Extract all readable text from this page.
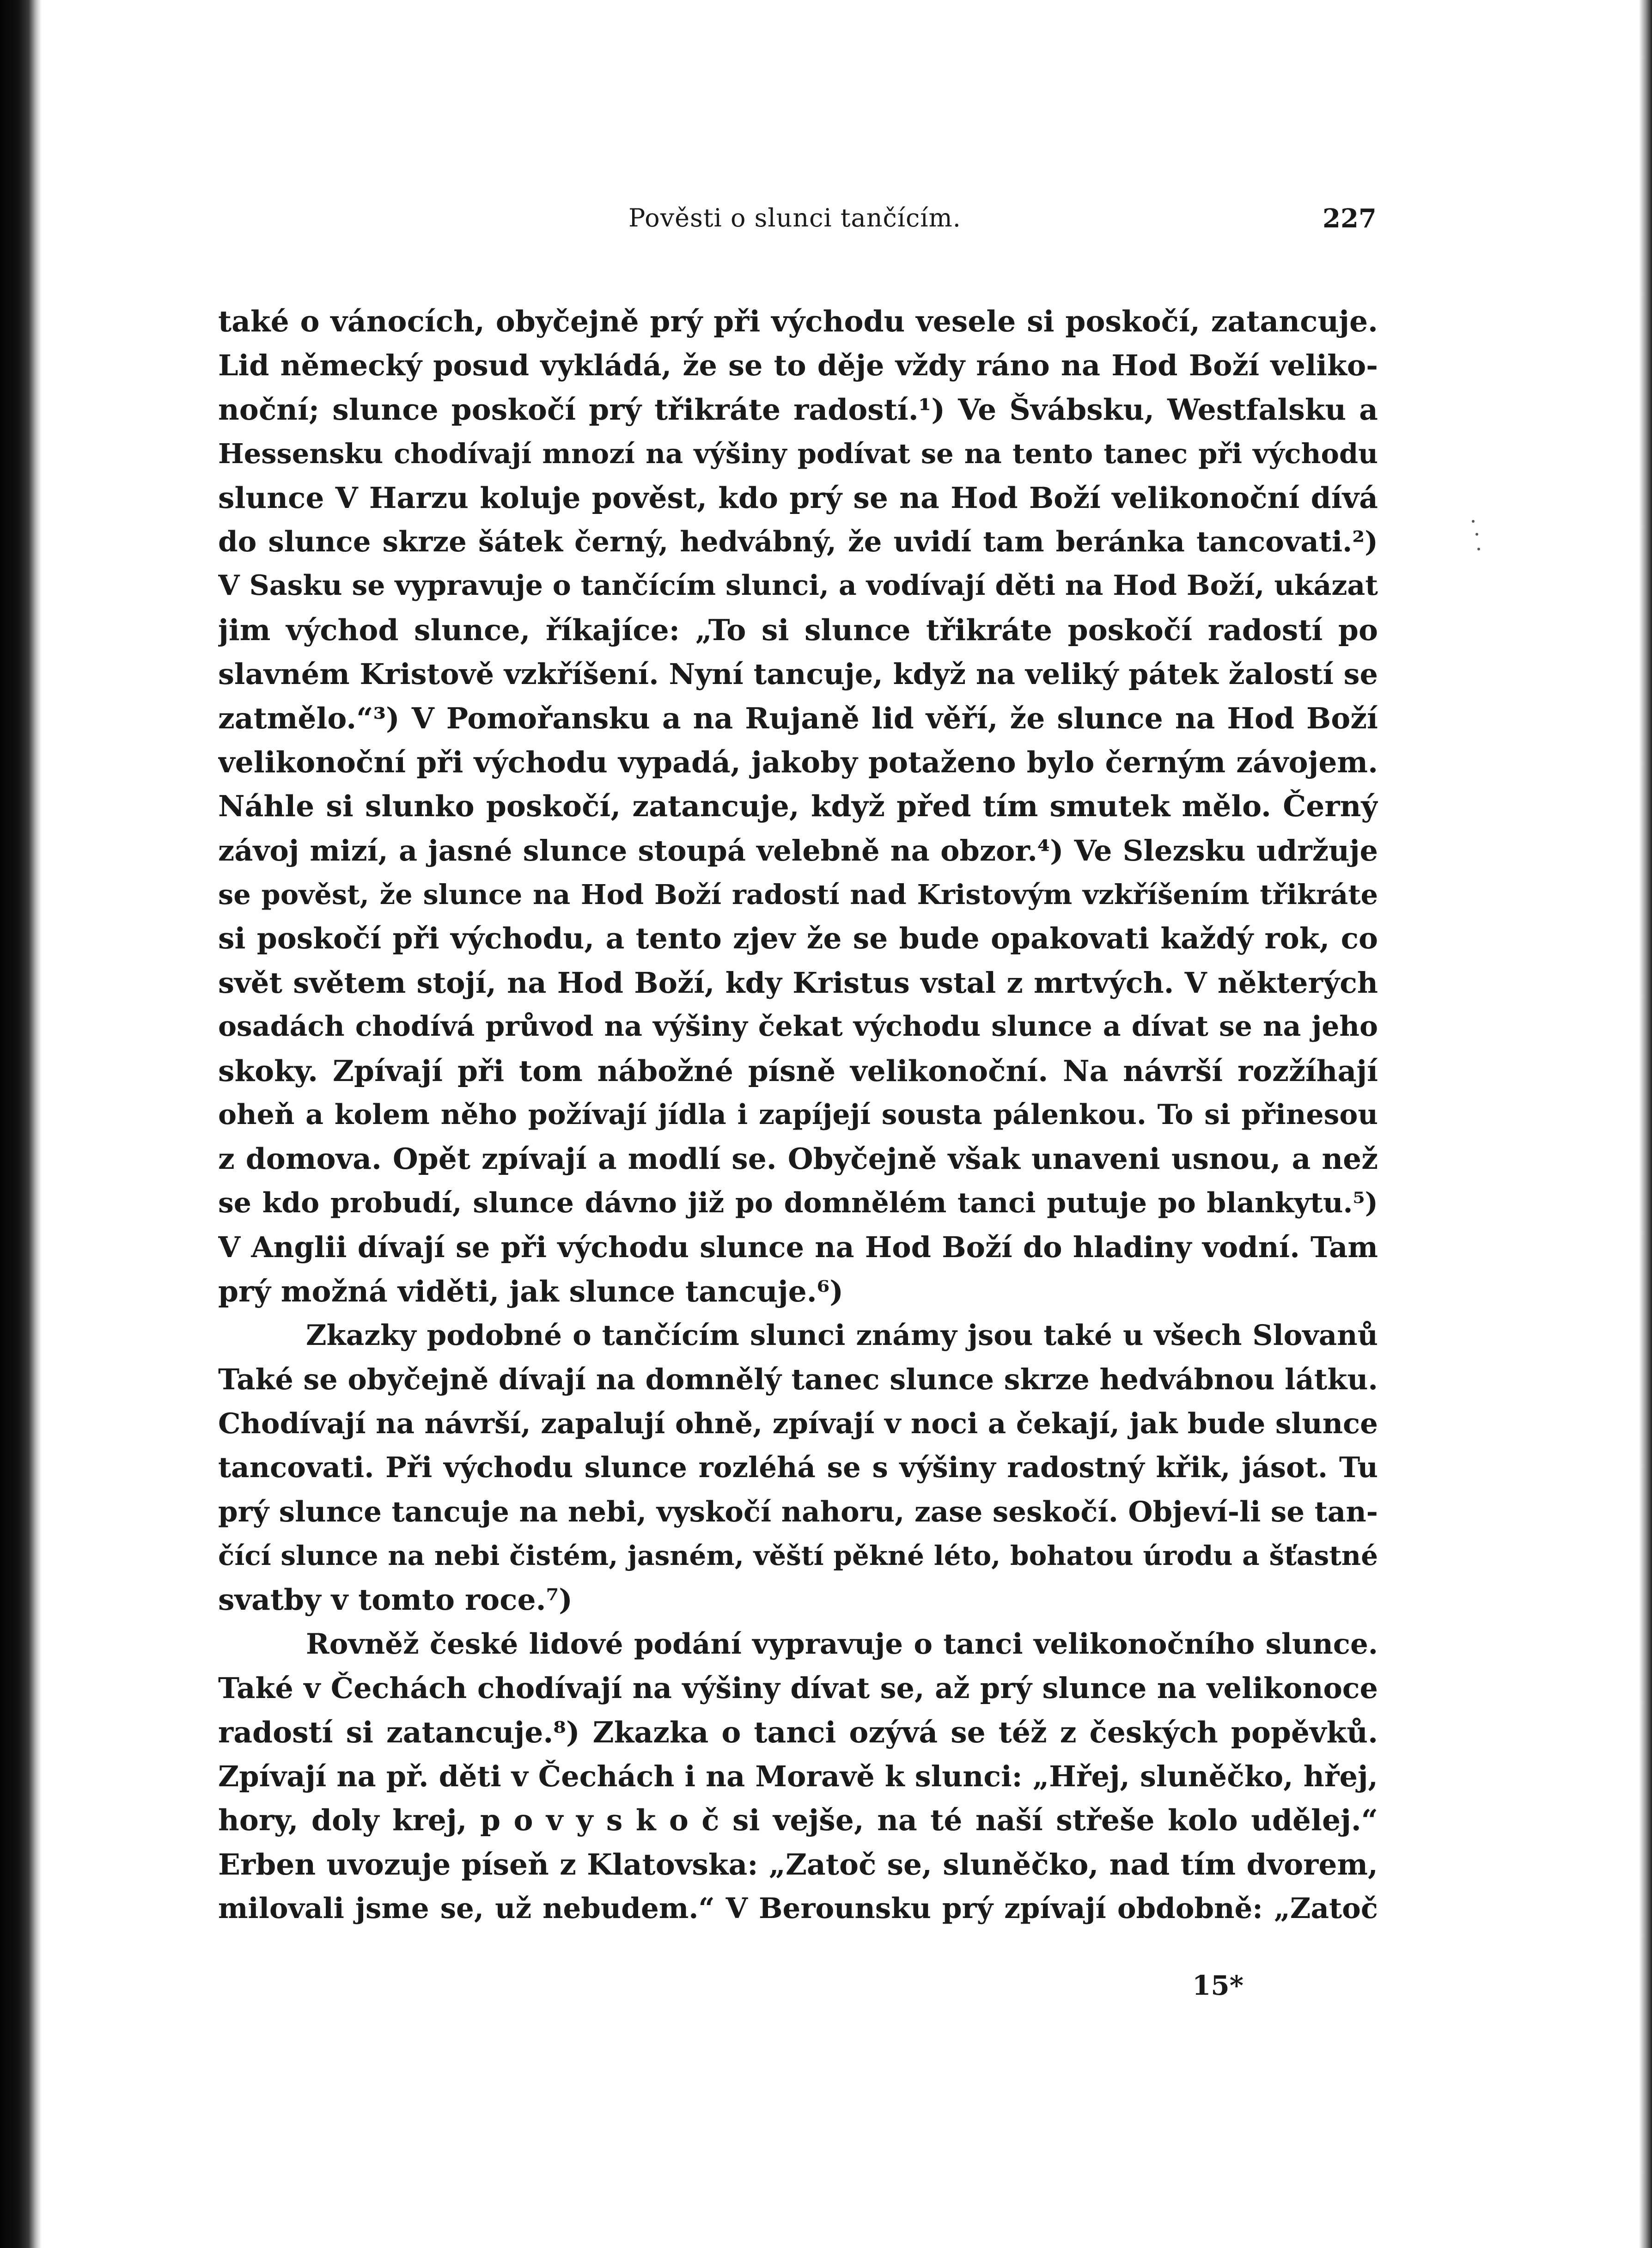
Pověsti o slunci tančícím.	227
také o vánocích, obyčejně prý při východu vesele si poskočí, zatancuje.
Lid německý posud vykládá, že se to děje vždy ráno na Hod Boží veliko-
noční; slunce poskočí prý třikráte radostí.¹) Ve Švábsku, Westfalsku a
Hessensku chodívají mnozí na výšiny podívat se na tento tanec při východu
slunce V Harzu koluje pověst, kdo prý se na Hod Boží velikonoční dívá
do slunce skrze šátek černý, hedvábný, že uvidí tam beránka tancovati.²)
V Sasku se vypravuje o tančícím slunci, a vodívají děti na Hod Boží, ukázat
jim východ slunce, říkajíce: „To si slunce třikráte poskočí radostí po
slavném Kristově vzkříšení. Nyní tancuje, když na veliký pátek žalostí se
zatmělo.“³) V Pomořansku a na Rujaně lid věří, že slunce na Hod Boží
velikonoční při východu vypadá, jakoby potaženo bylo černým závojem.
Náhle si slunko poskočí, zatancuje, když před tím smutek mělo. Černý
závoj mizí, a jasné slunce stoupá velebně na obzor.⁴) Ve Slezsku udržuje
se pověst, že slunce na Hod Boží radostí nad Kristovým vzkříšením třikráte
si poskočí při východu, a tento zjev že se bude opakovati každý rok, co
svět světem stojí, na Hod Boží, kdy Kristus vstal z mrtvých. V některých
osadách chodívá průvod na výšiny čekat východu slunce a dívat se na jeho
skoky. Zpívají při tom nábožné písně velikonoční. Na návrší rozžíhají
oheň a kolem něho požívají jídla i zapíjejí sousta pálenkou. To si přinesou
z domova. Opět zpívají a modlí se. Obyčejně však unaveni usnou, a než
se kdo probudí, slunce dávno již po domnělém tanci putuje po blankytu.⁵)
V Anglii dívají se při východu slunce na Hod Boží do hladiny vodní. Tam
prý možná viděti, jak slunce tancuje.⁶)
Zkazky podobné o tančícím slunci známy jsou také u všech Slovanů
Také se obyčejně dívají na domnělý tanec slunce skrze hedvábnou látku.
Chodívají na návrší, zapalují ohně, zpívají v noci a čekají, jak bude slunce
tancovati. Při východu slunce rozléhá se s výšiny radostný křik, jásot. Tu
prý slunce tancuje na nebi, vyskočí nahoru, zase seskočí. Objeví-li se tan-
čící slunce na nebi čistém, jasném, věští pěkné léto, bohatou úrodu a šťastné
svatby v tomto roce.⁷)
Rovněž české lidové podání vypravuje o tanci velikonočního slunce.
Také v Čechách chodívají na výšiny dívat se, až prý slunce na velikonoce
radostí si zatancuje.⁸) Zkazka o tanci ozývá se též z českých popěvků.
Zpívají na př. děti v Čechách i na Moravě k slunci: „Hřej, sluněčko, hřej,
hory, doly krej, p o v y s k o č si vejše, na té naší střeše kolo udělej.“
Erben uvozuje píseň z Klatovska: „Zatoč se, sluněčko, nad tím dvorem,
milovali jsme se, už nebudem.“ V Berounsku prý zpívají obdobně: „Zatoč
15*
